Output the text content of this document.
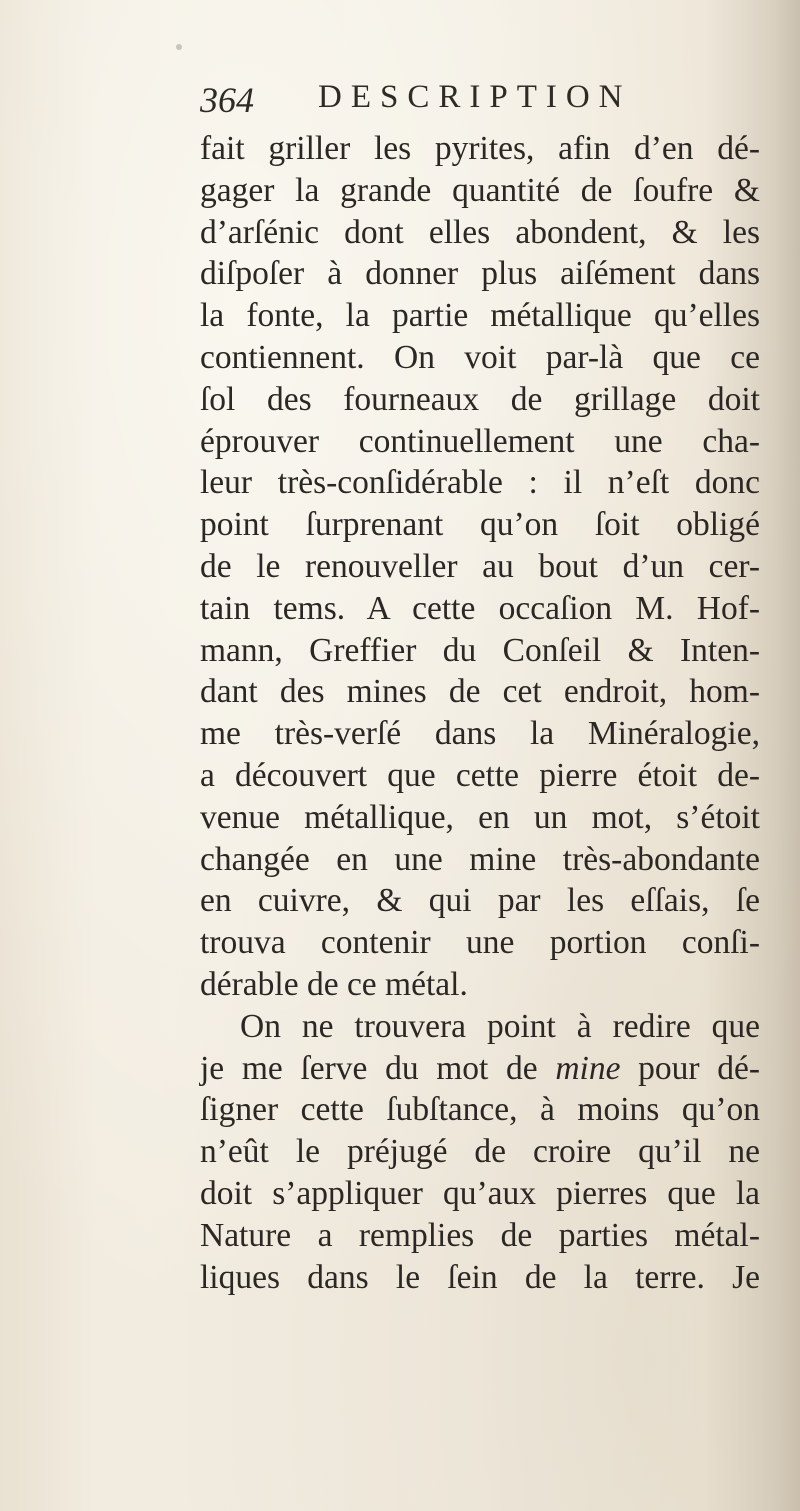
364 DESCRIPTION
fait griller les pyrites, afin d’en dé-
gager la grande quantité de ſoufre &
d’arſénic dont elles abondent, & les
diſpoſer à donner plus aiſément dans
la fonte, la partie métallique qu’elles
contiennent. On voit par-là que ce
ſol des fourneaux de grillage doit
éprouver continuellement une cha-
leur très-conſidérable : il n’eſt donc
point ſurprenant qu’on ſoit obligé
de le renouveller au bout d’un cer-
tain tems. A cette occaſion M. Hof-
mann, Greffier du Conſeil & Inten-
dant des mines de cet endroit, hom-
me très-verſé dans la Minéralogie,
a découvert que cette pierre étoit de-
venue métallique, en un mot, s’étoit
changée en une mine très-abondante
en cuivre, & qui par les eſſais, ſe
trouva contenir une portion conſi-
dérable de ce métal.
On ne trouvera point à redire que
je me ſerve du mot de mine pour dé-
ſigner cette ſubſtance, à moins qu’on
n’eût le préjugé de croire qu’il ne
doit s’appliquer qu’aux pierres que la
Nature a remplies de parties métal-
liques dans le ſein de la terre. Je
